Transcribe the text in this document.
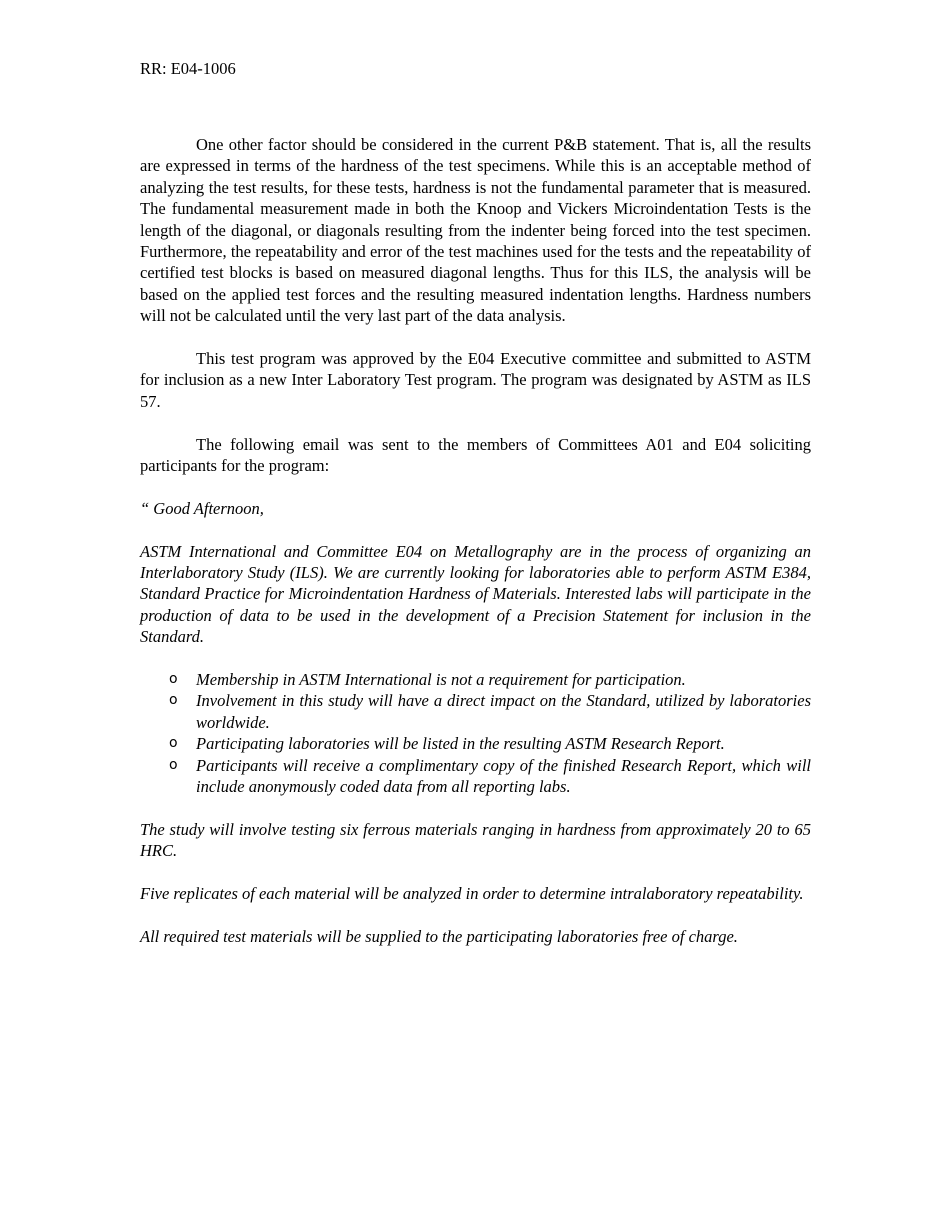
RR: E04-1006

One other factor should be considered in the current P&B statement. That is, all the results are expressed in terms of the hardness of the test specimens. While this is an acceptable method of analyzing the test results, for these tests, hardness is not the fundamental parameter that is measured. The fundamental measurement made in both the Knoop and Vickers Microindentation Tests is the length of the diagonal, or diagonals resulting from the indenter being forced into the test specimen. Furthermore, the repeatability and error of the test machines used for the tests and the repeatability of certified test blocks is based on measured diagonal lengths. Thus for this ILS, the analysis will be based on the applied test forces and the resulting measured indentation lengths. Hardness numbers will not be calculated until the very last part of the data analysis.

This test program was approved by the E04 Executive committee and submitted to ASTM for inclusion as a new Inter Laboratory Test program. The program was designated by ASTM as ILS 57.

The following email was sent to the members of Committees A01 and E04 soliciting participants for the program:

“ Good Afternoon,

ASTM International and Committee E04 on Metallography are in the process of organizing an Interlaboratory Study (ILS). We are currently looking for laboratories able to perform ASTM E384, Standard Practice for Microindentation Hardness of Materials. Interested labs will participate in the production of data to be used in the development of a Precision Statement for inclusion in the Standard.

o Membership in ASTM International is not a requirement for participation.
o Involvement in this study will have a direct impact on the Standard, utilized by laboratories worldwide.
o Participating laboratories will be listed in the resulting ASTM Research Report.
o Participants will receive a complimentary copy of the finished Research Report, which will include anonymously coded data from all reporting labs.

The study will involve testing six ferrous materials ranging in hardness from approximately 20 to 65 HRC.

Five replicates of each material will be analyzed in order to determine intralaboratory repeatability.

All required test materials will be supplied to the participating laboratories free of charge.
